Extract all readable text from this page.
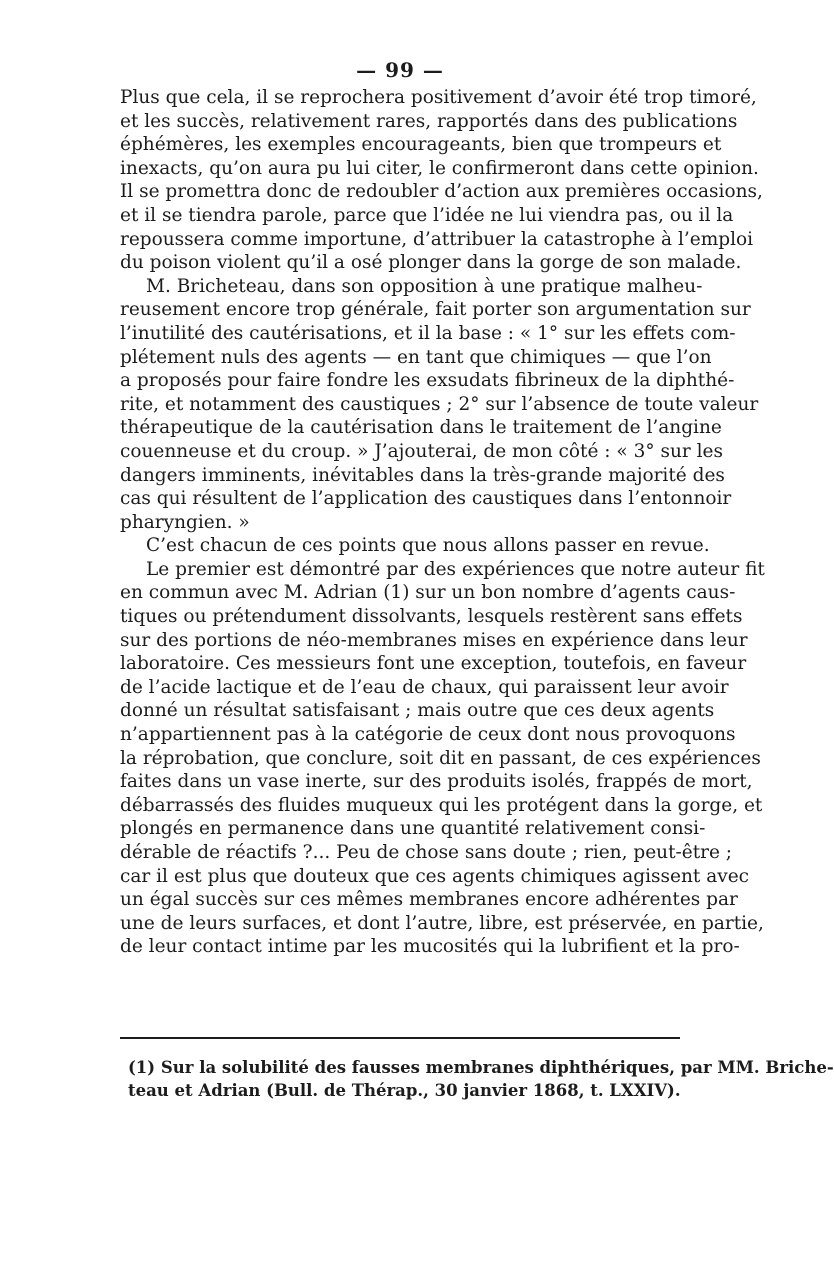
— 99 —
Plus que cela, il se reprochera positivement d’avoir été trop timoré,
et les succès, relativement rares, rapportés dans des publications
éphémères, les exemples encourageants, bien que trompeurs et
inexacts, qu’on aura pu lui citer, le confirmeront dans cette opinion.
Il se promettra donc de redoubler d’action aux premières occasions,
et il se tiendra parole, parce que l’idée ne lui viendra pas, ou il la
repoussera comme importune, d’attribuer la catastrophe à l’emploi
du poison violent qu’il a osé plonger dans la gorge de son malade.
M. Bricheteau, dans son opposition à une pratique malheu-
reusement encore trop générale, fait porter son argumentation sur
l’inutilité des cautérisations, et il la base : « 1° sur les effets com-
plétement nuls des agents — en tant que chimiques — que l’on
a proposés pour faire fondre les exsudats fibrineux de la diphthé-
rite, et notamment des caustiques ; 2° sur l’absence de toute valeur
thérapeutique de la cautérisation dans le traitement de l’angine
couenneuse et du croup. » J’ajouterai, de mon côté : « 3° sur les
dangers imminents, inévitables dans la très-grande majorité des
cas qui résultent de l’application des caustiques dans l’entonnoir
pharyngien. »
C’est chacun de ces points que nous allons passer en revue.
Le premier est démontré par des expériences que notre auteur fit
en commun avec M. Adrian (1) sur un bon nombre d’agents caus-
tiques ou prétendument dissolvants, lesquels restèrent sans effets
sur des portions de néo-membranes mises en expérience dans leur
laboratoire. Ces messieurs font une exception, toutefois, en faveur
de l’acide lactique et de l’eau de chaux, qui paraissent leur avoir
donné un résultat satisfaisant ; mais outre que ces deux agents
n’appartiennent pas à la catégorie de ceux dont nous provoquons
la réprobation, que conclure, soit dit en passant, de ces expériences
faites dans un vase inerte, sur des produits isolés, frappés de mort,
débarrassés des fluides muqueux qui les protégent dans la gorge, et
plongés en permanence dans une quantité relativement consi-
dérable de réactifs ?... Peu de chose sans doute ; rien, peut-être ;
car il est plus que douteux que ces agents chimiques agissent avec
un égal succès sur ces mêmes membranes encore adhérentes par
une de leurs surfaces, et dont l’autre, libre, est préservée, en partie,
de leur contact intime par les mucosités qui la lubrifient et la pro-
(1) Sur la solubilité des fausses membranes diphthériques, par MM. Briche-
teau et Adrian (Bull. de Thérap., 30 janvier 1868, t. LXXIV).
